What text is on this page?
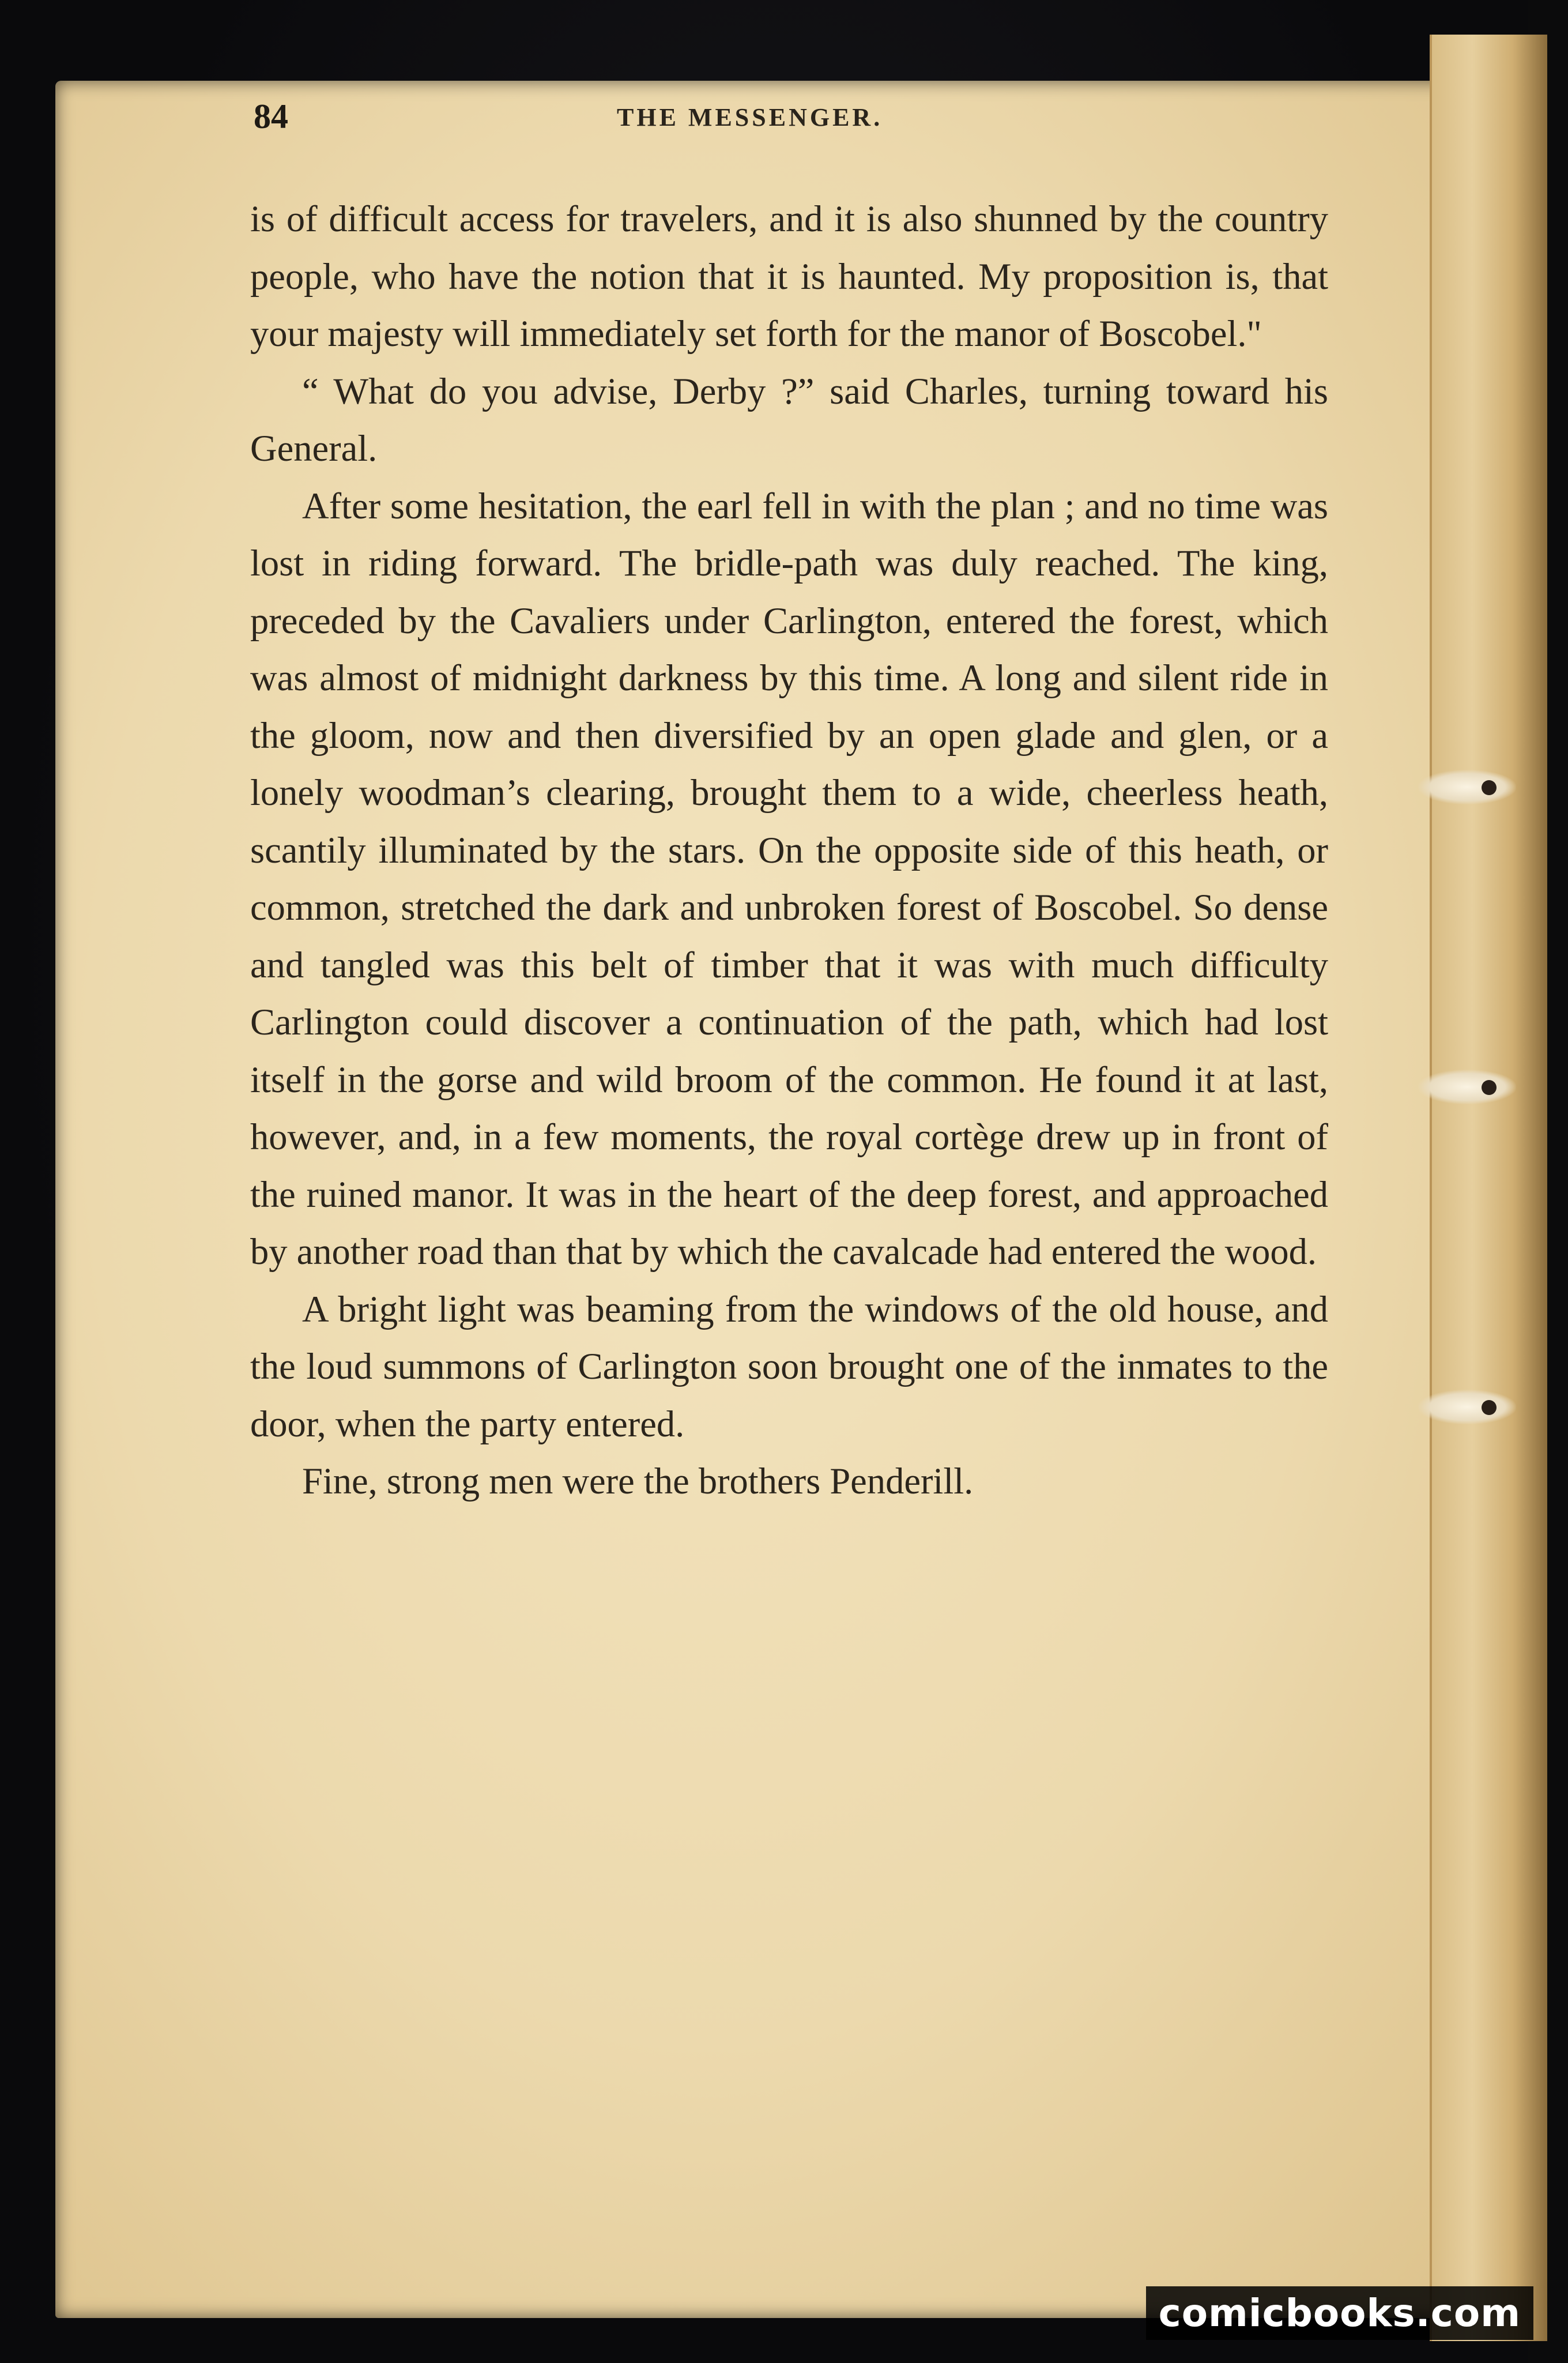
84	THE MESSENGER.

is of difficult access for travelers, and it is also shunned by the country people, who have the notion that it is haunted. My proposition is, that your majesty will immediately set forth for the manor of Boscobel."

“ What do you advise, Derby ?” said Charles, turning toward his General.

After some hesitation, the earl fell in with the plan ; and no time was lost in riding forward. The bridle-path was duly reached. The king, preceded by the Cavaliers under Carlington, entered the forest, which was almost of midnight darkness by this time. A long and silent ride in the gloom, now and then diversified by an open glade and glen, or a lonely woodman’s clearing, brought them to a wide, cheerless heath, scantily illuminated by the stars. On the opposite side of this heath, or common, stretched the dark and unbroken forest of Boscobel. So dense and tangled was this belt of timber that it was with much difficulty Carlington could discover a continuation of the path, which had lost itself in the gorse and wild broom of the common. He found it at last, however, and, in a few moments, the royal cortège drew up in front of the ruined manor. It was in the heart of the deep forest, and approached by another road than that by which the cavalcade had entered the wood.

A bright light was beaming from the windows of the old house, and the loud summons of Carlington soon brought one of the inmates to the door, when the party entered.

Fine, strong men were the brothers Penderill.

comicbooks.com
